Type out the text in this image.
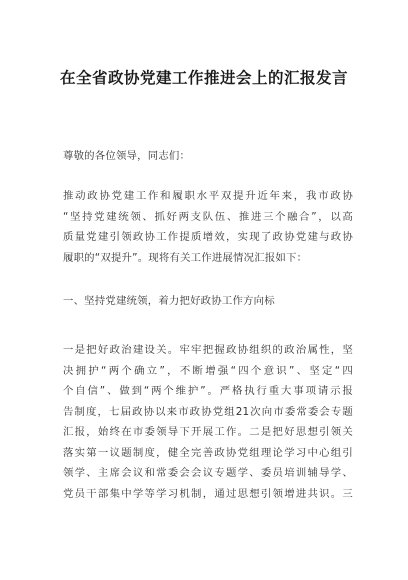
在全省政协党建工作推进会上的汇报发言

尊敬的各位领导，同志们：

推动政协党建工作和履职水平双提升近年来，我市政协
“坚持党建统领、抓好两支队伍、推进三个融合”，以高
质量党建引领政协工作提质增效，实现了政协党建与政协
履职的“双提升”。现将有关工作进展情况汇报如下：

一、坚持党建统领，着力把好政协工作方向标

一是把好政治建设关。牢牢把握政协组织的政治属性，坚
决拥护“两个确立”，不断增强“四个意识”、坚定“四
个自信”、做到“两个维护”。严格执行重大事项请示报
告制度，七届政协以来市政协党组21次向市委常委会专题
汇报，始终在市委领导下开展工作。二是把好思想引领关
落实第一议题制度，健全完善政协党组理论学习中心组引
领学、主席会议和常委会会议专题学、委员培训辅导学、
党员干部集中学等学习机制，通过思想引领增进共识。三
